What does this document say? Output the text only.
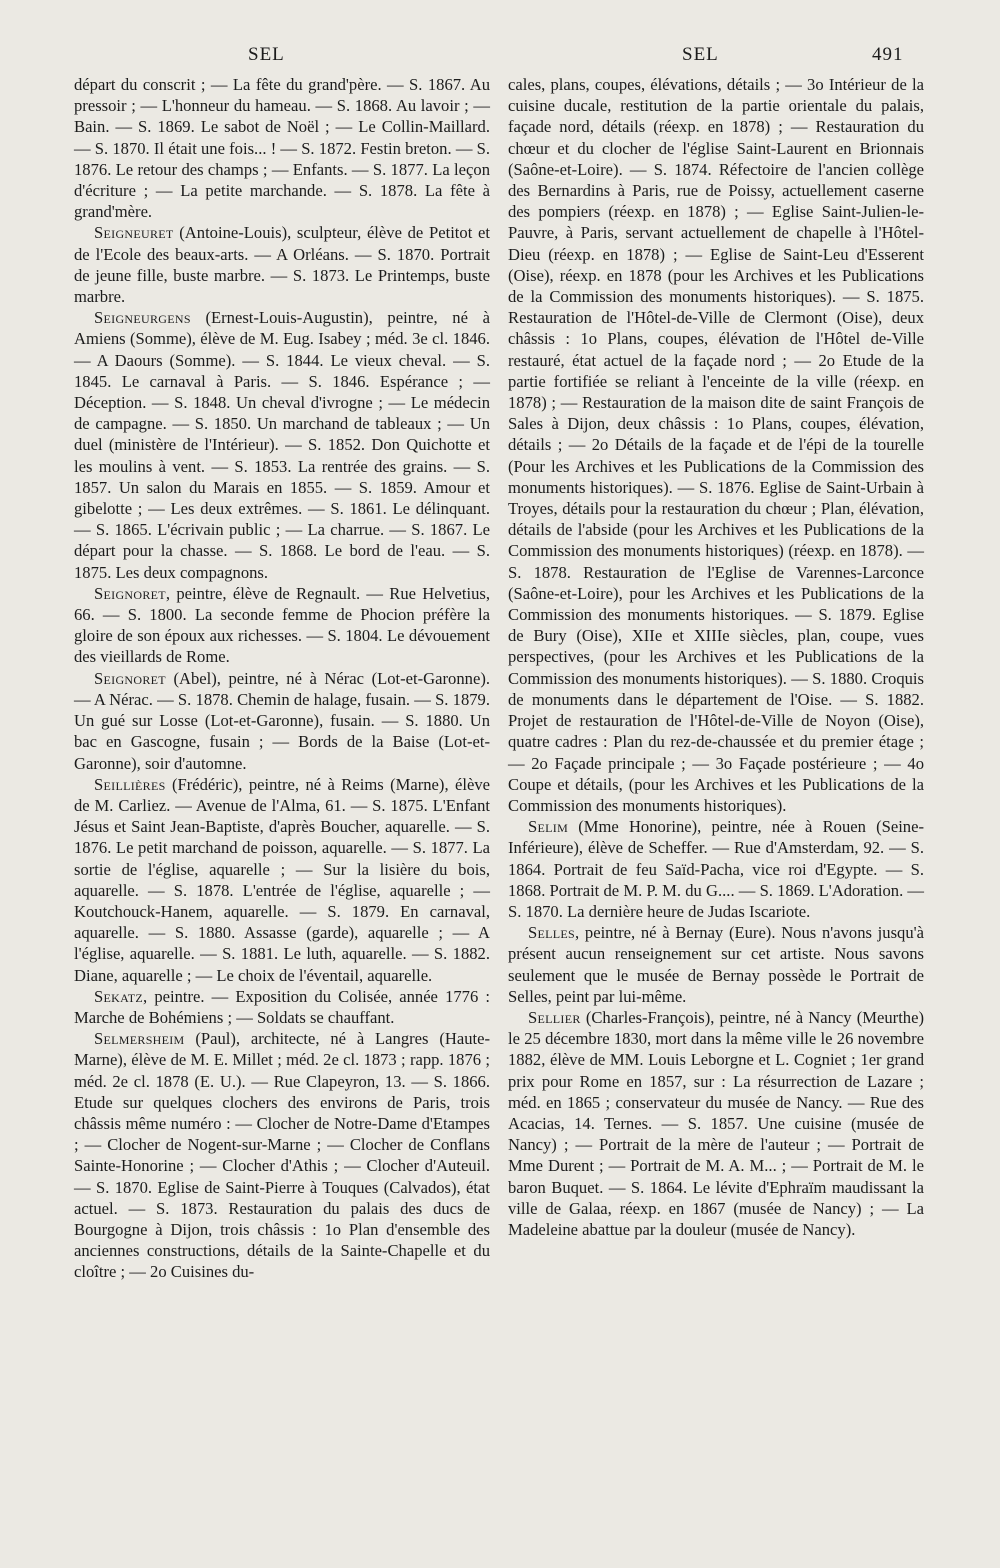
SEL	SEL	491

départ du conscrit ; — La fête du grand'père. — S. 1867. Au pressoir ; — L'honneur du hameau. — S. 1868. Au lavoir ; — Bain. — S. 1869. Le sabot de Noël ; — Le Collin-Maillard. — S. 1870. Il était une fois... ! — S. 1872. Festin breton. — S. 1876. Le retour des champs ; — Enfants. — S. 1877. La leçon d'écriture ; — La petite marchande. — S. 1878. La fête à grand'mère.

Seigneuret (Antoine-Louis), sculpteur, élève de Petitot et de l'Ecole des beaux-arts. — A Orléans. — S. 1870. Portrait de jeune fille, buste marbre. — S. 1873. Le Printemps, buste marbre.

Seigneurgens (Ernest-Louis-Augustin), peintre, né à Amiens (Somme), élève de M. Eug. Isabey ; méd. 3e cl. 1846. — A Daours (Somme). — S. 1844. Le vieux cheval. — S. 1845. Le carnaval à Paris. — S. 1846. Espérance ; — Déception. — S. 1848. Un cheval d'ivrogne ; — Le médecin de campagne. — S. 1850. Un marchand de tableaux ; — Un duel (ministère de l'Intérieur). — S. 1852. Don Quichotte et les moulins à vent. — S. 1853. La rentrée des grains. — S. 1857. Un salon du Marais en 1855. — S. 1859. Amour et gibelotte ; — Les deux extrêmes. — S. 1861. Le délinquant. — S. 1865. L'écrivain public ; — La charrue. — S. 1867. Le départ pour la chasse. — S. 1868. Le bord de l'eau. — S. 1875. Les deux compagnons.

Seignoret, peintre, élève de Regnault. — Rue Helvetius, 66. — S. 1800. La seconde femme de Phocion préfère la gloire de son époux aux richesses. — S. 1804. Le dévouement des vieillards de Rome.

Seignoret (Abel), peintre, né à Nérac (Lot-et-Garonne). — A Nérac. — S. 1878. Chemin de halage, fusain. — S. 1879. Un gué sur Losse (Lot-et-Garonne), fusain. — S. 1880. Un bac en Gascogne, fusain ; — Bords de la Baise (Lot-et-Garonne), soir d'automne.

Seillières (Frédéric), peintre, né à Reims (Marne), élève de M. Carliez. — Avenue de l'Alma, 61. — S. 1875. L'Enfant Jésus et Saint Jean-Baptiste, d'après Boucher, aquarelle. — S. 1876. Le petit marchand de poisson, aquarelle. — S. 1877. La sortie de l'église, aquarelle ; — Sur la lisière du bois, aquarelle. — S. 1878. L'entrée de l'église, aquarelle ; — Koutchouck-Hanem, aquarelle. — S. 1879. En carnaval, aquarelle. — S. 1880. Assasse (garde), aquarelle ; — A l'église, aquarelle. — S. 1881. Le luth, aquarelle. — S. 1882. Diane, aquarelle ; — Le choix de l'éventail, aquarelle.

Sekatz, peintre. — Exposition du Colisée, année 1776 : Marche de Bohémiens ; — Soldats se chauffant.

Selmersheim (Paul), architecte, né à Langres (Haute-Marne), élève de M. E. Millet ; méd. 2e cl. 1873 ; rapp. 1876 ; méd. 2e cl. 1878 (E. U.). — Rue Clapeyron, 13. — S. 1866. Etude sur quelques clochers des environs de Paris, trois châssis même numéro : — Clocher de Notre-Dame d'Etampes ; — Clocher de Nogent-sur-Marne ; — Clocher de Conflans Sainte-Honorine ; — Clocher d'Athis ; — Clocher d'Auteuil. — S. 1870. Eglise de Saint-Pierre à Touques (Calvados), état actuel. — S. 1873. Restauration du palais des ducs de Bourgogne à Dijon, trois châssis : 1o Plan d'ensemble des anciennes constructions, détails de la Sainte-Chapelle et du cloître ; — 2o Cuisines du-

cales, plans, coupes, élévations, détails ; — 3o Intérieur de la cuisine ducale, restitution de la partie orientale du palais, façade nord, détails (réexp. en 1878) ; — Restauration du chœur et du clocher de l'église Saint-Laurent en Brionnais (Saône-et-Loire). — S. 1874. Réfectoire de l'ancien collège des Bernardins à Paris, rue de Poissy, actuellement caserne des pompiers (réexp. en 1878) ; — Eglise Saint-Julien-le-Pauvre, à Paris, servant actuellement de chapelle à l'Hôtel-Dieu (réexp. en 1878) ; — Eglise de Saint-Leu d'Esserent (Oise), réexp. en 1878 (pour les Archives et les Publications de la Commission des monuments historiques). — S. 1875. Restauration de l'Hôtel-de-Ville de Clermont (Oise), deux châssis : 1o Plans, coupes, élévation de l'Hôtel de-Ville restauré, état actuel de la façade nord ; — 2o Etude de la partie fortifiée se reliant à l'enceinte de la ville (réexp. en 1878) ; — Restauration de la maison dite de saint François de Sales à Dijon, deux châssis : 1o Plans, coupes, élévation, détails ; — 2o Détails de la façade et de l'épi de la tourelle (Pour les Archives et les Publications de la Commission des monuments historiques). — S. 1876. Eglise de Saint-Urbain à Troyes, détails pour la restauration du chœur ; Plan, élévation, détails de l'abside (pour les Archives et les Publications de la Commission des monuments historiques) (réexp. en 1878). — S. 1878. Restauration de l'Eglise de Varennes-Larconce (Saône-et-Loire), pour les Archives et les Publications de la Commission des monuments historiques. — S. 1879. Eglise de Bury (Oise), XIIe et XIIIe siècles, plan, coupe, vues perspectives, (pour les Archives et les Publications de la Commission des monuments historiques). — S. 1880. Croquis de monuments dans le département de l'Oise. — S. 1882. Projet de restauration de l'Hôtel-de-Ville de Noyon (Oise), quatre cadres : Plan du rez-de-chaussée et du premier étage ; — 2o Façade principale ; — 3o Façade postérieure ; — 4o Coupe et détails, (pour les Archives et les Publications de la Commission des monuments historiques).

Selim (Mme Honorine), peintre, née à Rouen (Seine-Inférieure), élève de Scheffer. — Rue d'Amsterdam, 92. — S. 1864. Portrait de feu Saïd-Pacha, vice roi d'Egypte. — S. 1868. Portrait de M. P. M. du G.... — S. 1869. L'Adoration. — S. 1870. La dernière heure de Judas Iscariote.

Selles, peintre, né à Bernay (Eure). Nous n'avons jusqu'à présent aucun renseignement sur cet artiste. Nous savons seulement que le musée de Bernay possède le Portrait de Selles, peint par lui-même.

Sellier (Charles-François), peintre, né à Nancy (Meurthe) le 25 décembre 1830, mort dans la même ville le 26 novembre 1882, élève de MM. Louis Leborgne et L. Cogniet ; 1er grand prix pour Rome en 1857, sur : La résurrection de Lazare ; méd. en 1865 ; conservateur du musée de Nancy. — Rue des Acacias, 14. Ternes. — S. 1857. Une cuisine (musée de Nancy) ; — Portrait de la mère de l'auteur ; — Portrait de Mme Durent ; — Portrait de M. A. M... ; — Portrait de M. le baron Buquet. — S. 1864. Le lévite d'Ephraïm maudissant la ville de Galaa, réexp. en 1867 (musée de Nancy) ; — La Madeleine abattue par la douleur (musée de Nancy).
